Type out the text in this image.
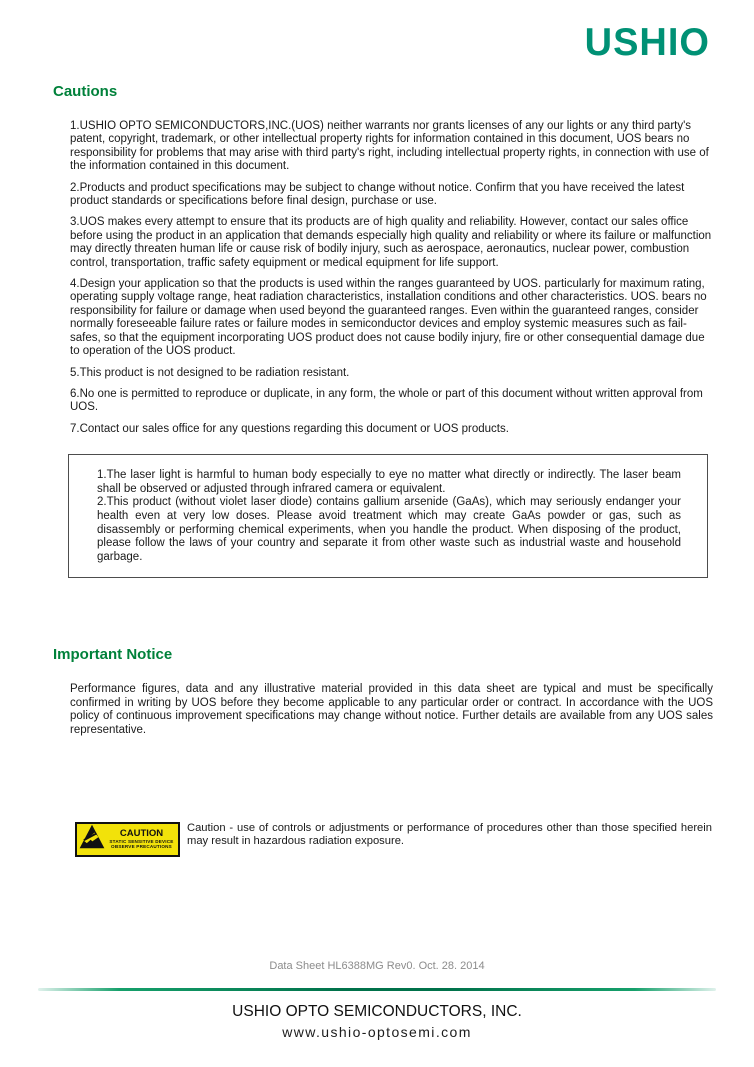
USHIO
Cautions

1.USHIO OPTO SEMICONDUCTORS,INC.(UOS) neither warrants nor grants licenses of any our lights or any third party's patent, copyright, trademark, or other intellectual property rights for information contained in this document, UOS bears no responsibility for problems that may arise with third party's right, including intellectual property rights, in connection with use of the information contained in this document.

2.Products and product specifications may be subject to change without notice. Confirm that you have received the latest product standards or specifications before final design, purchase or use.

3.UOS makes every attempt to ensure that its products are of high quality and reliability. However, contact our sales office before using the product in an application that demands especially high quality and reliability or where its failure or malfunction may directly threaten human life or cause risk of bodily injury, such as aerospace, aeronautics, nuclear power, combustion control, transportation, traffic safety equipment or medical equipment for life support.

4.Design your application so that the products is used within the ranges guaranteed by UOS. particularly for maximum rating, operating supply voltage range, heat radiation characteristics, installation conditions and other characteristics. UOS. bears no responsibility for failure or damage when used beyond the guaranteed ranges. Even within the guaranteed ranges, consider normally foreseeable failure rates or failure modes in semiconductor devices and employ systemic measures such as fail-safes, so that the equipment incorporating UOS product does not cause bodily injury, fire or other consequential damage due to operation of the UOS product.

5.This product is not designed to be radiation resistant.

6.No one is permitted to reproduce or duplicate, in any form, the whole or part of this document without written approval from UOS.

7.Contact our sales office for any questions regarding this document or UOS products.

1.The laser light is harmful to human body especially to eye no matter what directly or indirectly. The laser beam shall be observed or adjusted through infrared camera or equivalent.

2.This product (without violet laser diode) contains gallium arsenide (GaAs), which may seriously endanger your health even at very low doses. Please avoid treatment which may create GaAs powder or gas, such as disassembly or performing chemical experiments, when you handle the product. When disposing of the product, please follow the laws of your country and separate it from other waste such as industrial waste and household garbage.

Important Notice

Performance figures, data and any illustrative material provided in this data sheet are typical and must be specifically confirmed in writing by UOS before they become applicable to any particular order or contract. In accordance with the UOS policy of continuous improvement specifications may change without notice. Further details are available from any UOS sales representative.

CAUTION
STATIC SENSITIVE DEVICE
OBSERVE PRECAUTIONS

Caution - use of controls or adjustments or performance of procedures other than those specified herein may result in hazardous radiation exposure.

Data Sheet HL6388MG Rev0. Oct. 28. 2014
USHIO OPTO SEMICONDUCTORS, INC.
www.ushio-optosemi.com
